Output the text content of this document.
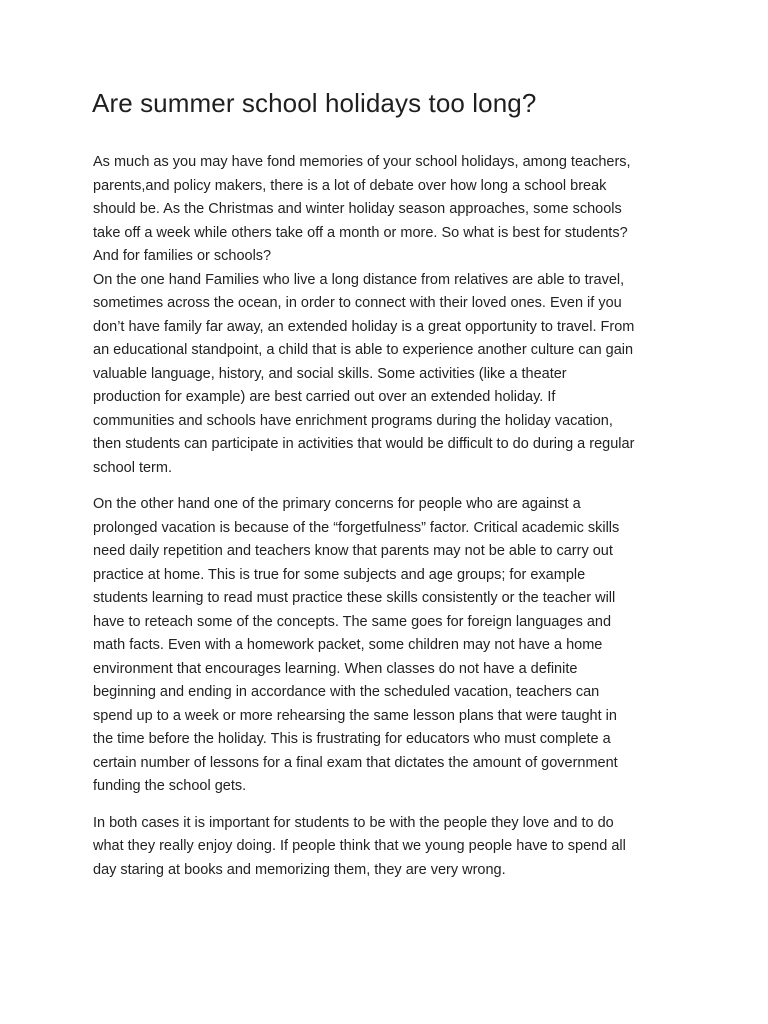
Are summer school holidays too long?

As much as you may have fond memories of your school holidays, among teachers,
parents,and policy makers, there is a lot of debate over how long a school break
should be. As the Christmas and winter holiday season approaches, some schools
take off a week while others take off a month or more. So what is best for students?
And for families or schools?
On the one hand Families who live a long distance from relatives are able to travel,
sometimes across the ocean, in order to connect with their loved ones. Even if you
don’t have family far away, an extended holiday is a great opportunity to travel. From
an educational standpoint, a child that is able to experience another culture can gain
valuable language, history, and social skills. Some activities (like a theater
production for example) are best carried out over an extended holiday. If
communities and schools have enrichment programs during the holiday vacation,
then students can participate in activities that would be difficult to do during a regular
school term.

On the other hand one of the primary concerns for people who are against a
prolonged vacation is because of the “forgetfulness” factor. Critical academic skills
need daily repetition and teachers know that parents may not be able to carry out
practice at home. This is true for some subjects and age groups; for example
students learning to read must practice these skills consistently or the teacher will
have to reteach some of the concepts. The same goes for foreign languages and
math facts. Even with a homework packet, some children may not have a home
environment that encourages learning. When classes do not have a definite
beginning and ending in accordance with the scheduled vacation, teachers can
spend up to a week or more rehearsing the same lesson plans that were taught in
the time before the holiday. This is frustrating for educators who must complete a
certain number of lessons for a final exam that dictates the amount of government
funding the school gets.

In both cases it is important for students to be with the people they love and to do
what they really enjoy doing. If people think that we young people have to spend all
day staring at books and memorizing them, they are very wrong.
